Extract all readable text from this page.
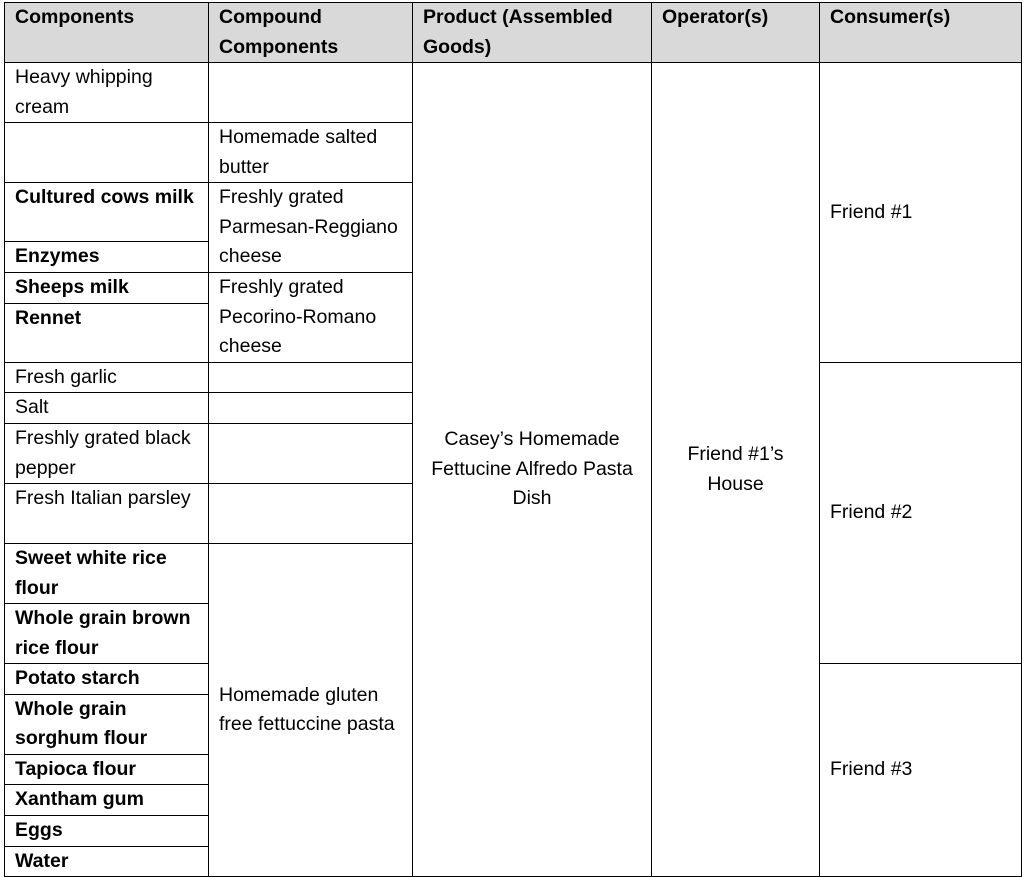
Components	Compound Components	Product (Assembled Goods)	Operator(s)	Consumer(s)
Heavy whipping cream		Casey’s Homemade Fettucine Alfredo Pasta Dish	Friend #1’s House	Friend #1
	Homemade salted butter			
Cultured cows milk	Freshly grated Parmesan-Reggiano cheese			
Enzymes				
Sheeps milk	Freshly grated Pecorino-Romano cheese			
Rennet				
Fresh garlic				Friend #2
Salt				
Freshly grated black pepper				
Fresh Italian parsley				
Sweet white rice flour	Homemade gluten free fettuccine pasta			
Whole grain brown rice flour				
Potato starch				Friend #3
Whole grain sorghum flour				
Tapioca flour				
Xantham gum				
Eggs				
Water				
